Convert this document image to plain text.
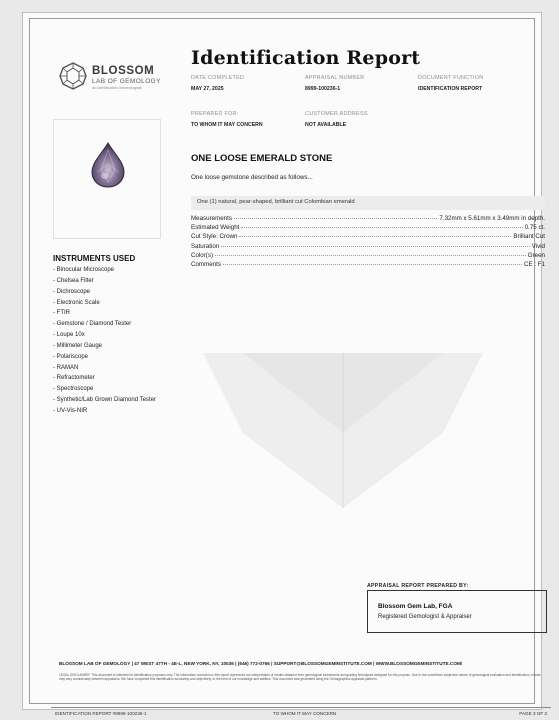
BLOSSOM
LAB OF GEMOLOGY
An Identification Gemmologists
Identification Report
DATE COMPLETED
MAY 27, 2025
APPRAISAL NUMBER
8999-100236-1
DOCUMENT FUNCTION
IDENTIFICATION REPORT
PREPARED FOR:
TO WHOM IT MAY CONCERN
CUSTOMER ADDRESS
NOT AVAILABLE
ONE LOOSE EMERALD STONE
One loose gemstone described as follows...
One (1) natural, pear-shaped, brilliant cut Colombian emerald
Measurements	7.32mm x 5.61mm x 3.49mm in depth.
Estimated Weight	0.75 ct.
Cut Style: Crown	Brilliant Cut
Saturation	Vivid
Color(s)	Green
Comments	CE : F1
INSTRUMENTS USED
- Binocular Microscope
- Chelsea Filter
- Dichroscope
- Electronic Scale
- FTIR
- Gemstone / Diamond Tester
- Loupe 10x
- Millimeter Gauge
- Polariscope
- RAMAN
- Refractometer
- Spectroscope
- Synthetic/Lab Grown Diamond Tester
- UV-Vis-NIR
APPRAISAL REPORT PREPARED BY:
Blossom Gem Lab, FGA
Registered Gemologist & Appraiser
BLOSSOM LAB OF GEMOLOGY | 47 WEST 47TH - 4E-L, NEW YORK, NY, 10036 | (646) 772-0766 | SUPPORT@BLOSSOMGEMINSTITUTE.COM | WWW.BLOSSOMGEMINSTITUTE.COM/
LEGAL DISCLAIMER: This document is intended for identification purposes only. The information recorded on this report represents our interpretation of results obtained from gemological instruments and grading techniques designed for this purpose. Due to the sometimes subjective nature of gemological evaluation and identification, results may vary considerably between appraisers. We have completed this identification accurately and objectively, to the best of our knowledge and abilities. This document was generated using the Gemagraphics appraisal platform.
IDENTIFICATION REPORT #8999-100236-1	TO WHOM IT MAY CONCERN	PAGE 3 OF 3
